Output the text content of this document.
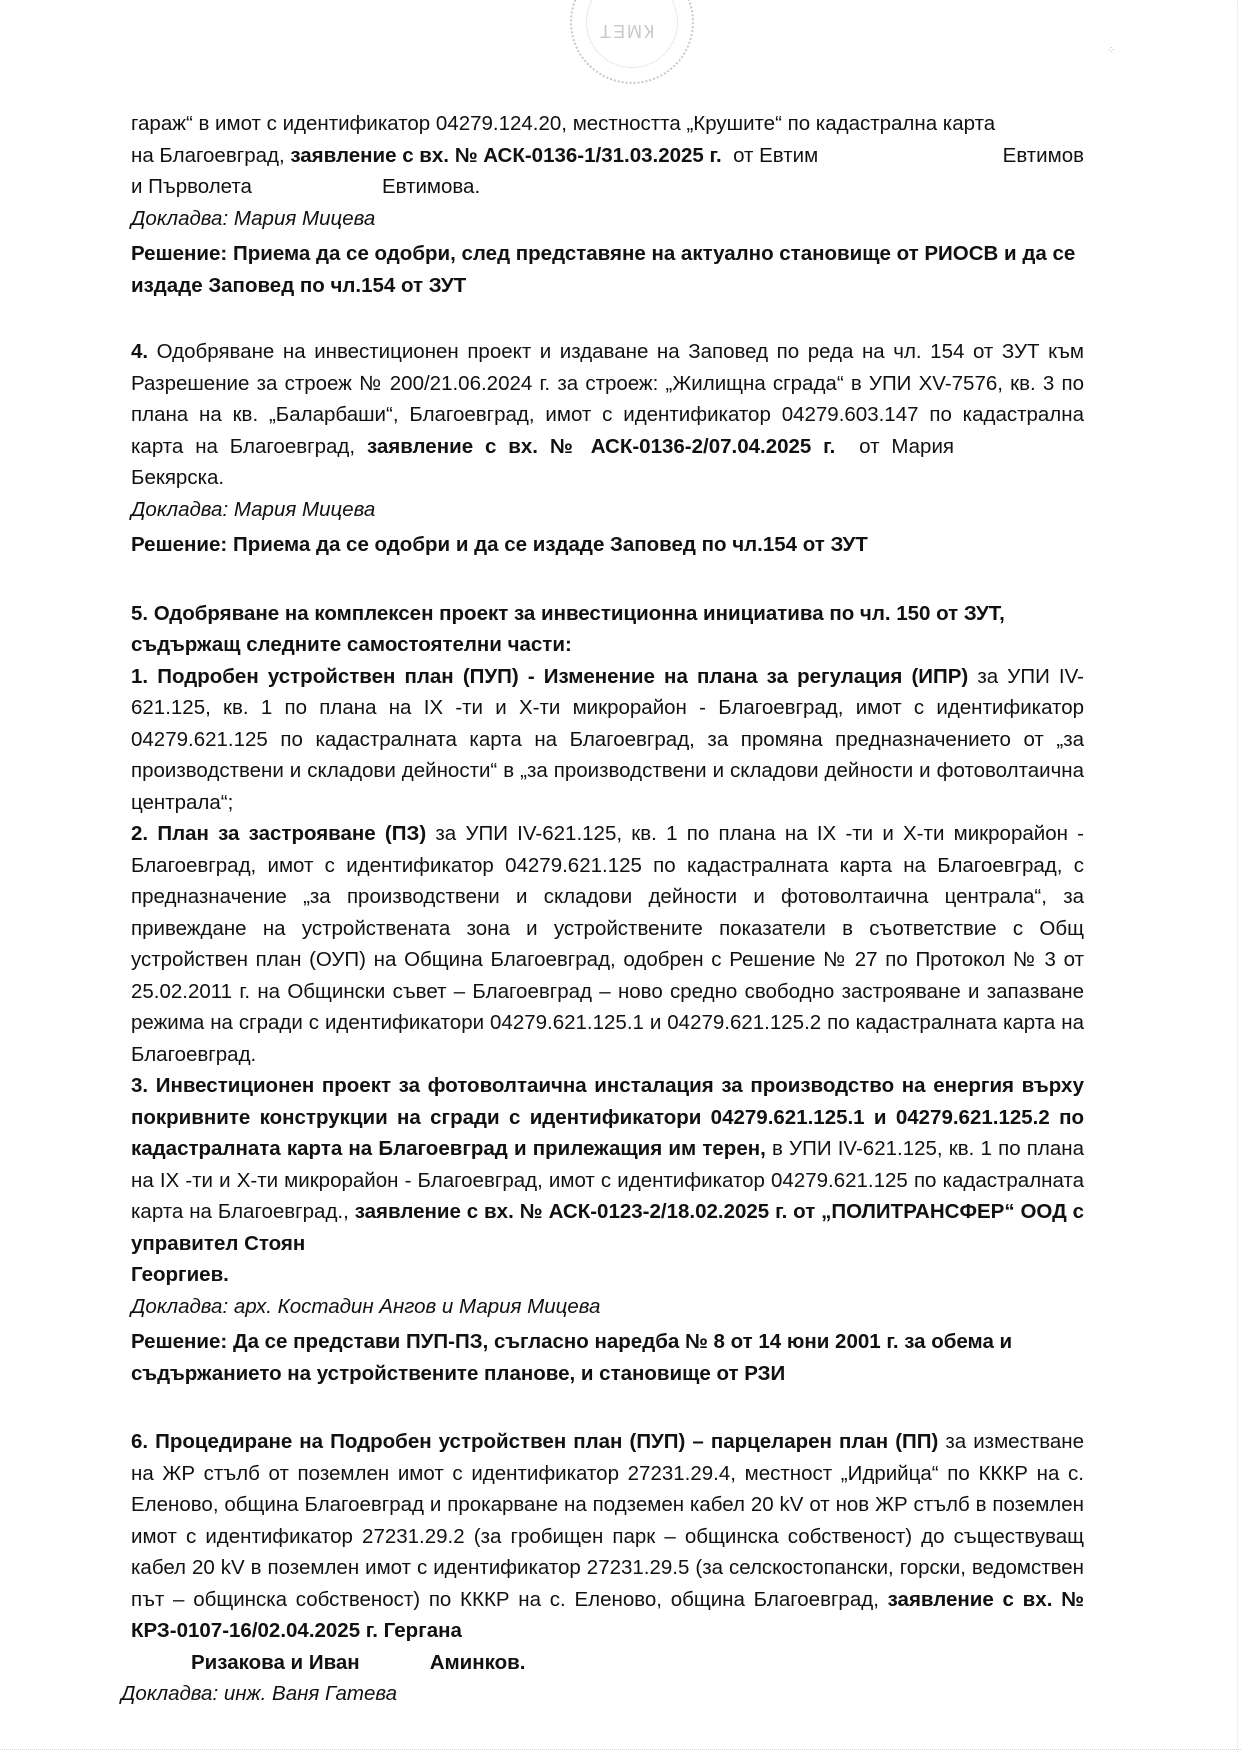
КМЕТ
⁘

гараж“ в имот с идентификатор 04279.124.20, местността „Крушите“ по кадастрална карта

на Благоевград, заявление с вх. № АСК-0136-1/31.03.2025 г.  от Евтим	Евтимов

и Първолета	Евтимова.

Докладва: Мария Мицева

Решение: Приема да се одобри, след представяне на актуално становище от РИОСВ и да се издаде Заповед по чл.154 от ЗУТ

4. Одобряване на инвестиционен проект и издаване на Заповед по реда на чл. 154 от ЗУТ към Разрешение за строеж № 200/21.06.2024 г. за строеж: „Жилищна сграда“ в УПИ XV-7576, кв. 3 по плана на кв. „Баларбаши“, Благоевград, имот с идентификатор 04279.603.147 по кадастрална карта на Благоевград, заявление с вх. № АСК-0136-2/07.04.2025 г.  от МарияБекярска.

Докладва: Мария Мицева

Решение: Приема да се одобри и да се издаде Заповед по чл.154 от ЗУТ

5. Одобряване на комплексен проект за инвестиционна инициатива по чл. 150 от ЗУТ, съдържащ следните самостоятелни части:

1. Подробен устройствен план (ПУП) - Изменение на плана за регулация (ИПР) за УПИ IV-621.125, кв. 1 по плана на IX -ти и X-ти микрорайон - Благоевград, имот с идентификатор 04279.621.125 по кадастралната карта на Благоевград, за промяна предназначението от „за производствени и складови дейности“ в „за производствени и складови дейности и фотоволтаична централа“;

2. План за застрояване (ПЗ) за УПИ IV-621.125, кв. 1 по плана на IX -ти и X-ти микрорайон - Благоевград, имот с идентификатор 04279.621.125 по кадастралната карта на Благоевград, с предназначение „за производствени и складови дейности и фотоволтаична централа“, за привеждане на устройствената зона и устройствените показатели в съответствие с Общ устройствен план (ОУП) на Община Благоевград, одобрен с Решение № 27 по Протокол № 3 от 25.02.2011 г. на Общински съвет – Благоевград – ново средно свободно застрояване и запазване режима на сгради с идентификатори 04279.621.125.1 и 04279.621.125.2 по кадастралната карта на Благоевград.

3. Инвестиционен проект за фотоволтаична инсталация за производство на енергия върху покривните конструкции на сгради с идентификатори 04279.621.125.1 и 04279.621.125.2 по кадастралната карта на Благоевград и прилежащия им терен, в УПИ IV-621.125, кв. 1 по плана на IX -ти и X-ти микрорайон - Благоевград, имот с идентификатор 04279.621.125 по кадастралната карта на Благоевград., заявление с вх. № АСК-0123-2/18.02.2025 г. от „ПОЛИТРАНСФЕР“ ООД с управител Стоян

Георгиев.

Докладва: арх. Костадин Ангов и Мария Мицева

Решение: Да се представи ПУП-ПЗ, съгласно наредба № 8 от 14 юни 2001 г. за обема и съдържанието на устройствените планове, и становище от РЗИ

6. Процедиране на Подробен устройствен план (ПУП) – парцеларен план (ПП) за изместване на ЖР стълб от поземлен имот с идентификатор 27231.29.4, местност „Идрийца“ по КККР на с. Еленово, община Благоевград и прокарване на подземен кабел 20 kV от нов ЖР стълб в поземлен имот с идентификатор 27231.29.2 (за гробищен парк – общинска собственост) до съществуващ кабел 20 kV в поземлен имот с идентификатор 27231.29.5 (за селскостопански, горски, ведомствен път – общинска собственост) по КККР на с. Еленово, община Благоевград, заявление с вх. № КРЗ-0107-16/02.04.2025 г. Гергана

Ризакова и Иван	Аминков.

Докладва: инж. Ваня Гатева
